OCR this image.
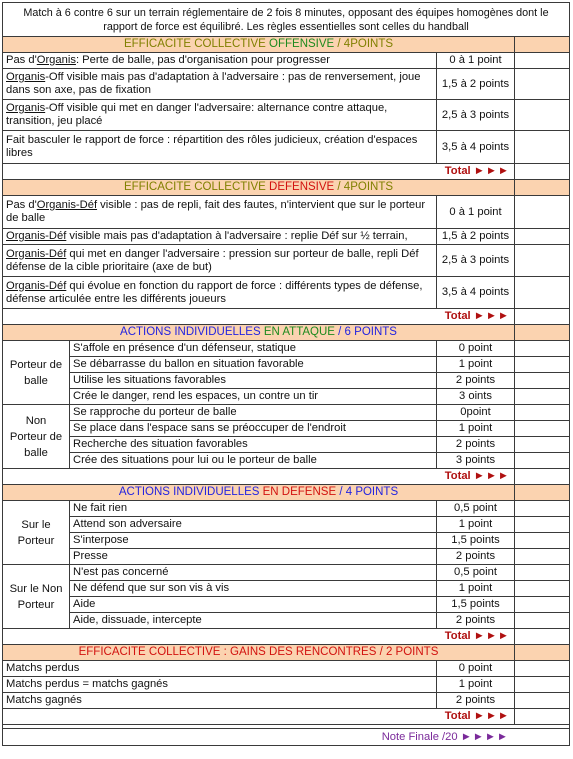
Match à 6 contre 6 sur un terrain réglementaire de 2 fois 8 minutes, opposant des équipes homogènes dont le rapport de force est équilibré. Les règles essentielles sont celles du handball			
EFFICACITE COLLECTIVE OFFENSIVE / 4POINTS			
Pas d'Organis: Perte de balle, pas d'organisation pour progresser		0 à 1 point	
Organis-Off visible mais pas d'adaptation à l'adversaire : pas de renversement, joue dans son axe, pas de fixation		1,5 à 2 points	
Organis-Off visible qui met en danger l'adversaire: alternance contre attaque, transition, jeu placé		2,5 à 3 points	
Fait basculer le rapport de force : répartition des rôles judicieux, création d'espaces libres		3,5 à 4 points	
Total ►►►			
EFFICACITE COLLECTIVE DEFENSIVE / 4POINTS			
Pas d'Organis-Déf visible : pas de repli, fait des fautes, n'intervient que sur le porteur de balle		0 à 1 point	
Organis-Déf visible mais pas d'adaptation à l'adversaire : replie Déf sur ½ terrain,		1,5 à 2 points	
Organis-Déf qui met en danger l'adversaire : pression sur porteur de balle, repli Déf défense de la cible prioritaire (axe de but)		2,5 à 3 points	
Organis-Déf qui évolue en fonction du rapport de force : différents types de défense, défense articulée entre les différents joueurs		3,5 à 4 points	
Total ►►►			
ACTIONS INDIVIDUELLES EN ATTAQUE / 6 POINTS			
Porteur de balle	S'affole en présence d'un défenseur, statique	0 point	
	Se débarrasse du ballon en situation favorable	1 point	
	Utilise les situations favorables	2 points	
	Crée le danger, rend les espaces, un contre un tir	3 oints	
Non Porteur de balle	Se rapproche du porteur de balle	0point	
	Se place dans l'espace sans se préoccuper de l'endroit	1 point	
	Recherche des situation favorables	2 points	
	Crée des situations pour lui ou le porteur de balle	3 points	
Total ►►►			
ACTIONS INDIVIDUELLES EN DEFENSE / 4 POINTS			
Sur le Porteur	Ne fait rien	0,5 point	
	Attend son adversaire	1 point	
	S'interpose	1,5 points	
	Presse	2 points	
Sur le Non Porteur	N'est pas concerné	0,5 point	
	Ne défend que sur son vis à vis	1 point	
	Aide	1,5 points	
	Aide, dissuade, intercepte	2 points	
Total ►►►			
EFFICACITE COLLECTIVE : GAINS DES RENCONTRES / 2 POINTS			
Matchs perdus		0 point	
Matchs perdus = matchs gagnés		1 point	
Matchs gagnés		2 points	
Total ►►►			

Note Finale /20 ►►►►			
